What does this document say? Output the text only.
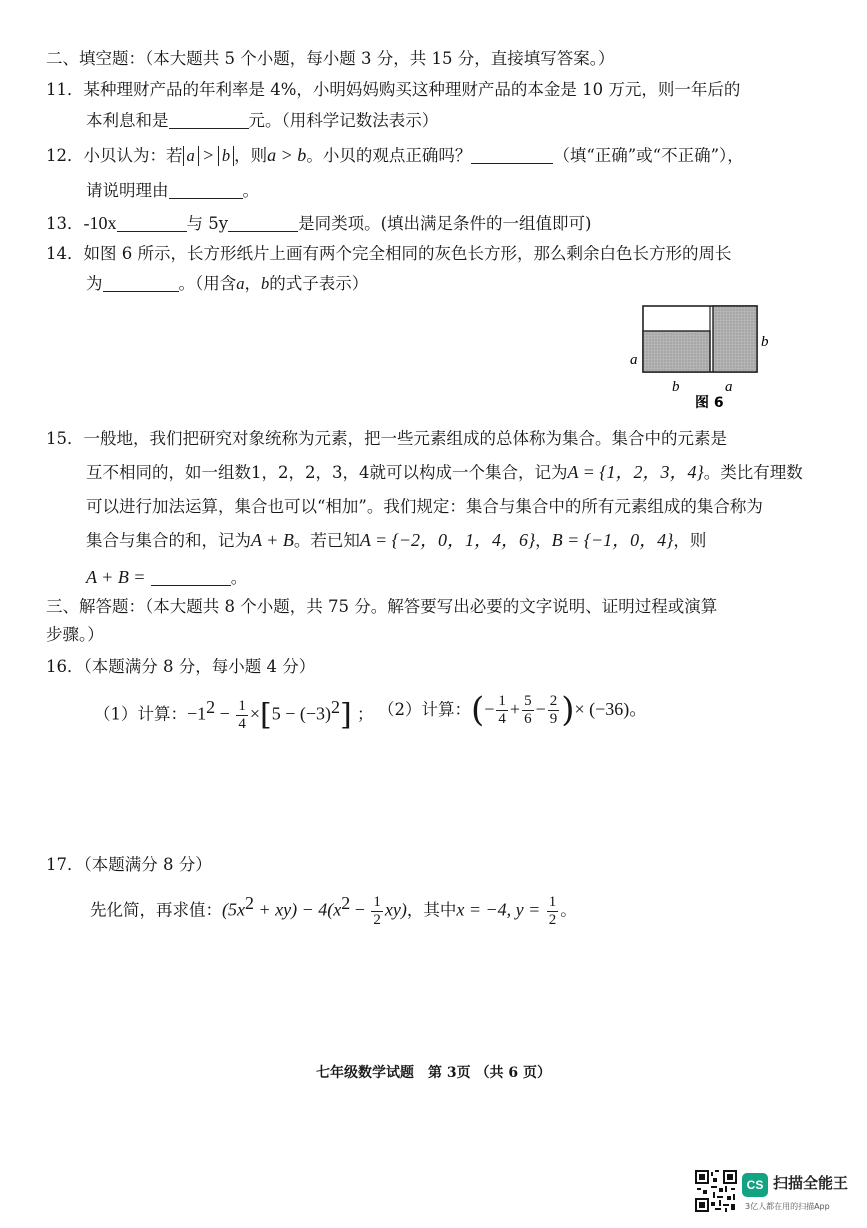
二、填空题：（本大题共 5 个小题，每小题 3 分，共 15 分，直接填写答案。）
11．某种理财产品的年利率是 4%，小明妈妈购买这种理财产品的本金是 10 万元，则一年后的
本利息和是	元。（用科学记数法表示）
12．小贝认为：若 a > b ，则a > b。小贝的观点正确吗？	（填“正确”或“不正确”），
请说明理由	。
13．-10x	与 5y	是同类项。(填出满足条件的一组值即可)
14．如图 6 所示，长方形纸片上画有两个完全相同的灰色长方形，那么剩余白色长方形的周长
为	。（用含a，b的式子表示）
a
b
b	a
图 6
15．一般地，我们把研究对象统称为元素，把一些元素组成的总体称为集合。集合中的元素是
互不相同的，如一组数1，2，2，3，4就可以构成一个集合，记为A = {1，2，3，4}。类比有理数
可以进行加法运算，集合也可以“相加”。我们规定：集合与集合中的所有元素组成的集合称为
集合与集合的和，记为A + B。若已知A = {−2，0，1，4，6}，B = {−1，0，4}，则
A + B =	。
三、解答题：（本大题共 8 个小题，共 75 分。解答要写出必要的文字说明、证明过程或演算
步骤。）
16．（本题满分 8 分，每小题 4 分）
（1）计算：$-1^2 - \frac{1}{4} \times[5 - (-3)^2]$ ； （2）计算：(− $\frac{1}{4} + \frac{5}{6} - \frac{2}{9}$ )× (−36)。
17．（本题满分 8 分）
先化简，再求值：$(5x^2 + xy) - 4(x^2 - \frac{1}{2} xy)$，其中x = −4, $y = \frac{1}{2}$ 。
七年级数学试题　第 3页 （共 6 页）
CS 扫描全能王
3亿人都在用的扫描App
